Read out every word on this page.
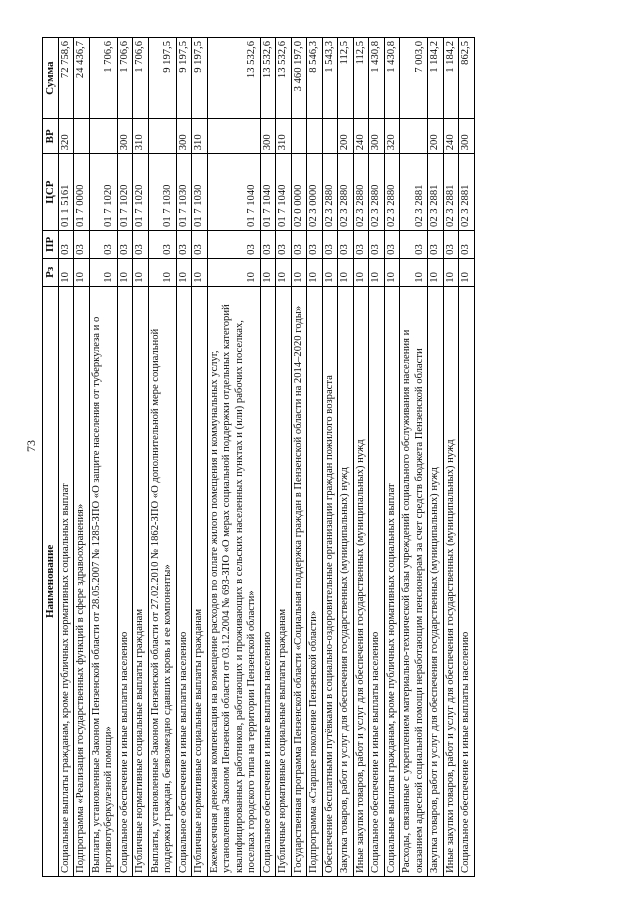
73
Наименование	Рз	ПР	ЦСР	ВР	Сумма
Социальные выплаты гражданам, кроме публичных нормативных социальных выплат	10	03	01 1 5161	320	72 758,6
Подпрограмма «Реализация государственных функций в сфере здравоохранения»	10	03	01 7 0000		24 436,7
Выплаты, установленные Законом Пензенской области от 28.05.2007 № 1285-ЗПО «О защите населения от туберкулеза и о противотуберкулезной помощи»	10	03	01 7 1020		1 706,6
Социальное обеспечение и иные выплаты населению	10	03	01 7 1020	300	1 706,6
Публичные нормативные социальные выплаты гражданам	10	03	01 7 1020	310	1 706,6
Выплаты, установленные Законом Пензенской области от 27.02.2010 № 1862-ЗПО «О дополнительной мере социальной поддержки граждан, безвозмездно сдавших кровь и ее компоненты»	10	03	01 7 1030		9 197,5
Социальное обеспечение и иные выплаты населению	10	03	01 7 1030	300	9 197,5
Публичные нормативные социальные выплаты гражданам	10	03	01 7 1030	310	9 197,5
Ежемесячная денежная компенсация на возмещение расходов по оплате жилого помещения и коммунальных услуг, установленная Законом Пензенской области от 03.12.2004 № 693-ЗПО «О мерах социальной поддержки отдельных категорий квалифицированных работников, работающих и проживающих в сельских населенных пунктах и (или) рабочих поселках, поселках городского типа на территории Пензенской области»	10	03	01 7 1040		13 532,6
Социальное обеспечение и иные выплаты населению	10	03	01 7 1040	300	13 532,6
Публичные нормативные социальные выплаты гражданам	10	03	01 7 1040	310	13 532,6
Государственная программа Пензенской области «Социальная поддержка граждан в Пензенской области на 2014–2020 годы»	10	03	02 0 0000		3 460 197,0
Подпрограмма «Старшее поколение Пензенской области»	10	03	02 3 0000		8 546,3
Обеспечение бесплатными путёвками в социально-оздоровительные организации граждан пожилого возраста	10	03	02 3 2880		1 543,3
Закупка товаров, работ и услуг для обеспечения государственных (муниципальных) нужд	10	03	02 3 2880	200	112,5
Иные закупки товаров, работ и услуг для обеспечения государственных (муниципальных) нужд	10	03	02 3 2880	240	112,5
Социальное обеспечение и иные выплаты населению	10	03	02 3 2880	300	1 430,8
Социальные выплаты гражданам, кроме публичных нормативных социальных выплат	10	03	02 3 2880	320	1 430,8
Расходы, связанные с укреплением материально-технической базы учреждений социального обслуживания населения и оказанием адресной социальной помощи неработающим пенсионерам за счет средств бюджета Пензенской области	10	03	02 3 2881		7 003,0
Закупка товаров, работ и услуг для обеспечения государственных (муниципальных) нужд	10	03	02 3 2881	200	1 184,2
Иные закупки товаров, работ и услуг для обеспечения государственных (муниципальных) нужд	10	03	02 3 2881	240	1 184,2
Социальное обеспечение и иные выплаты населению	10	03	02 3 2881	300	862,5
